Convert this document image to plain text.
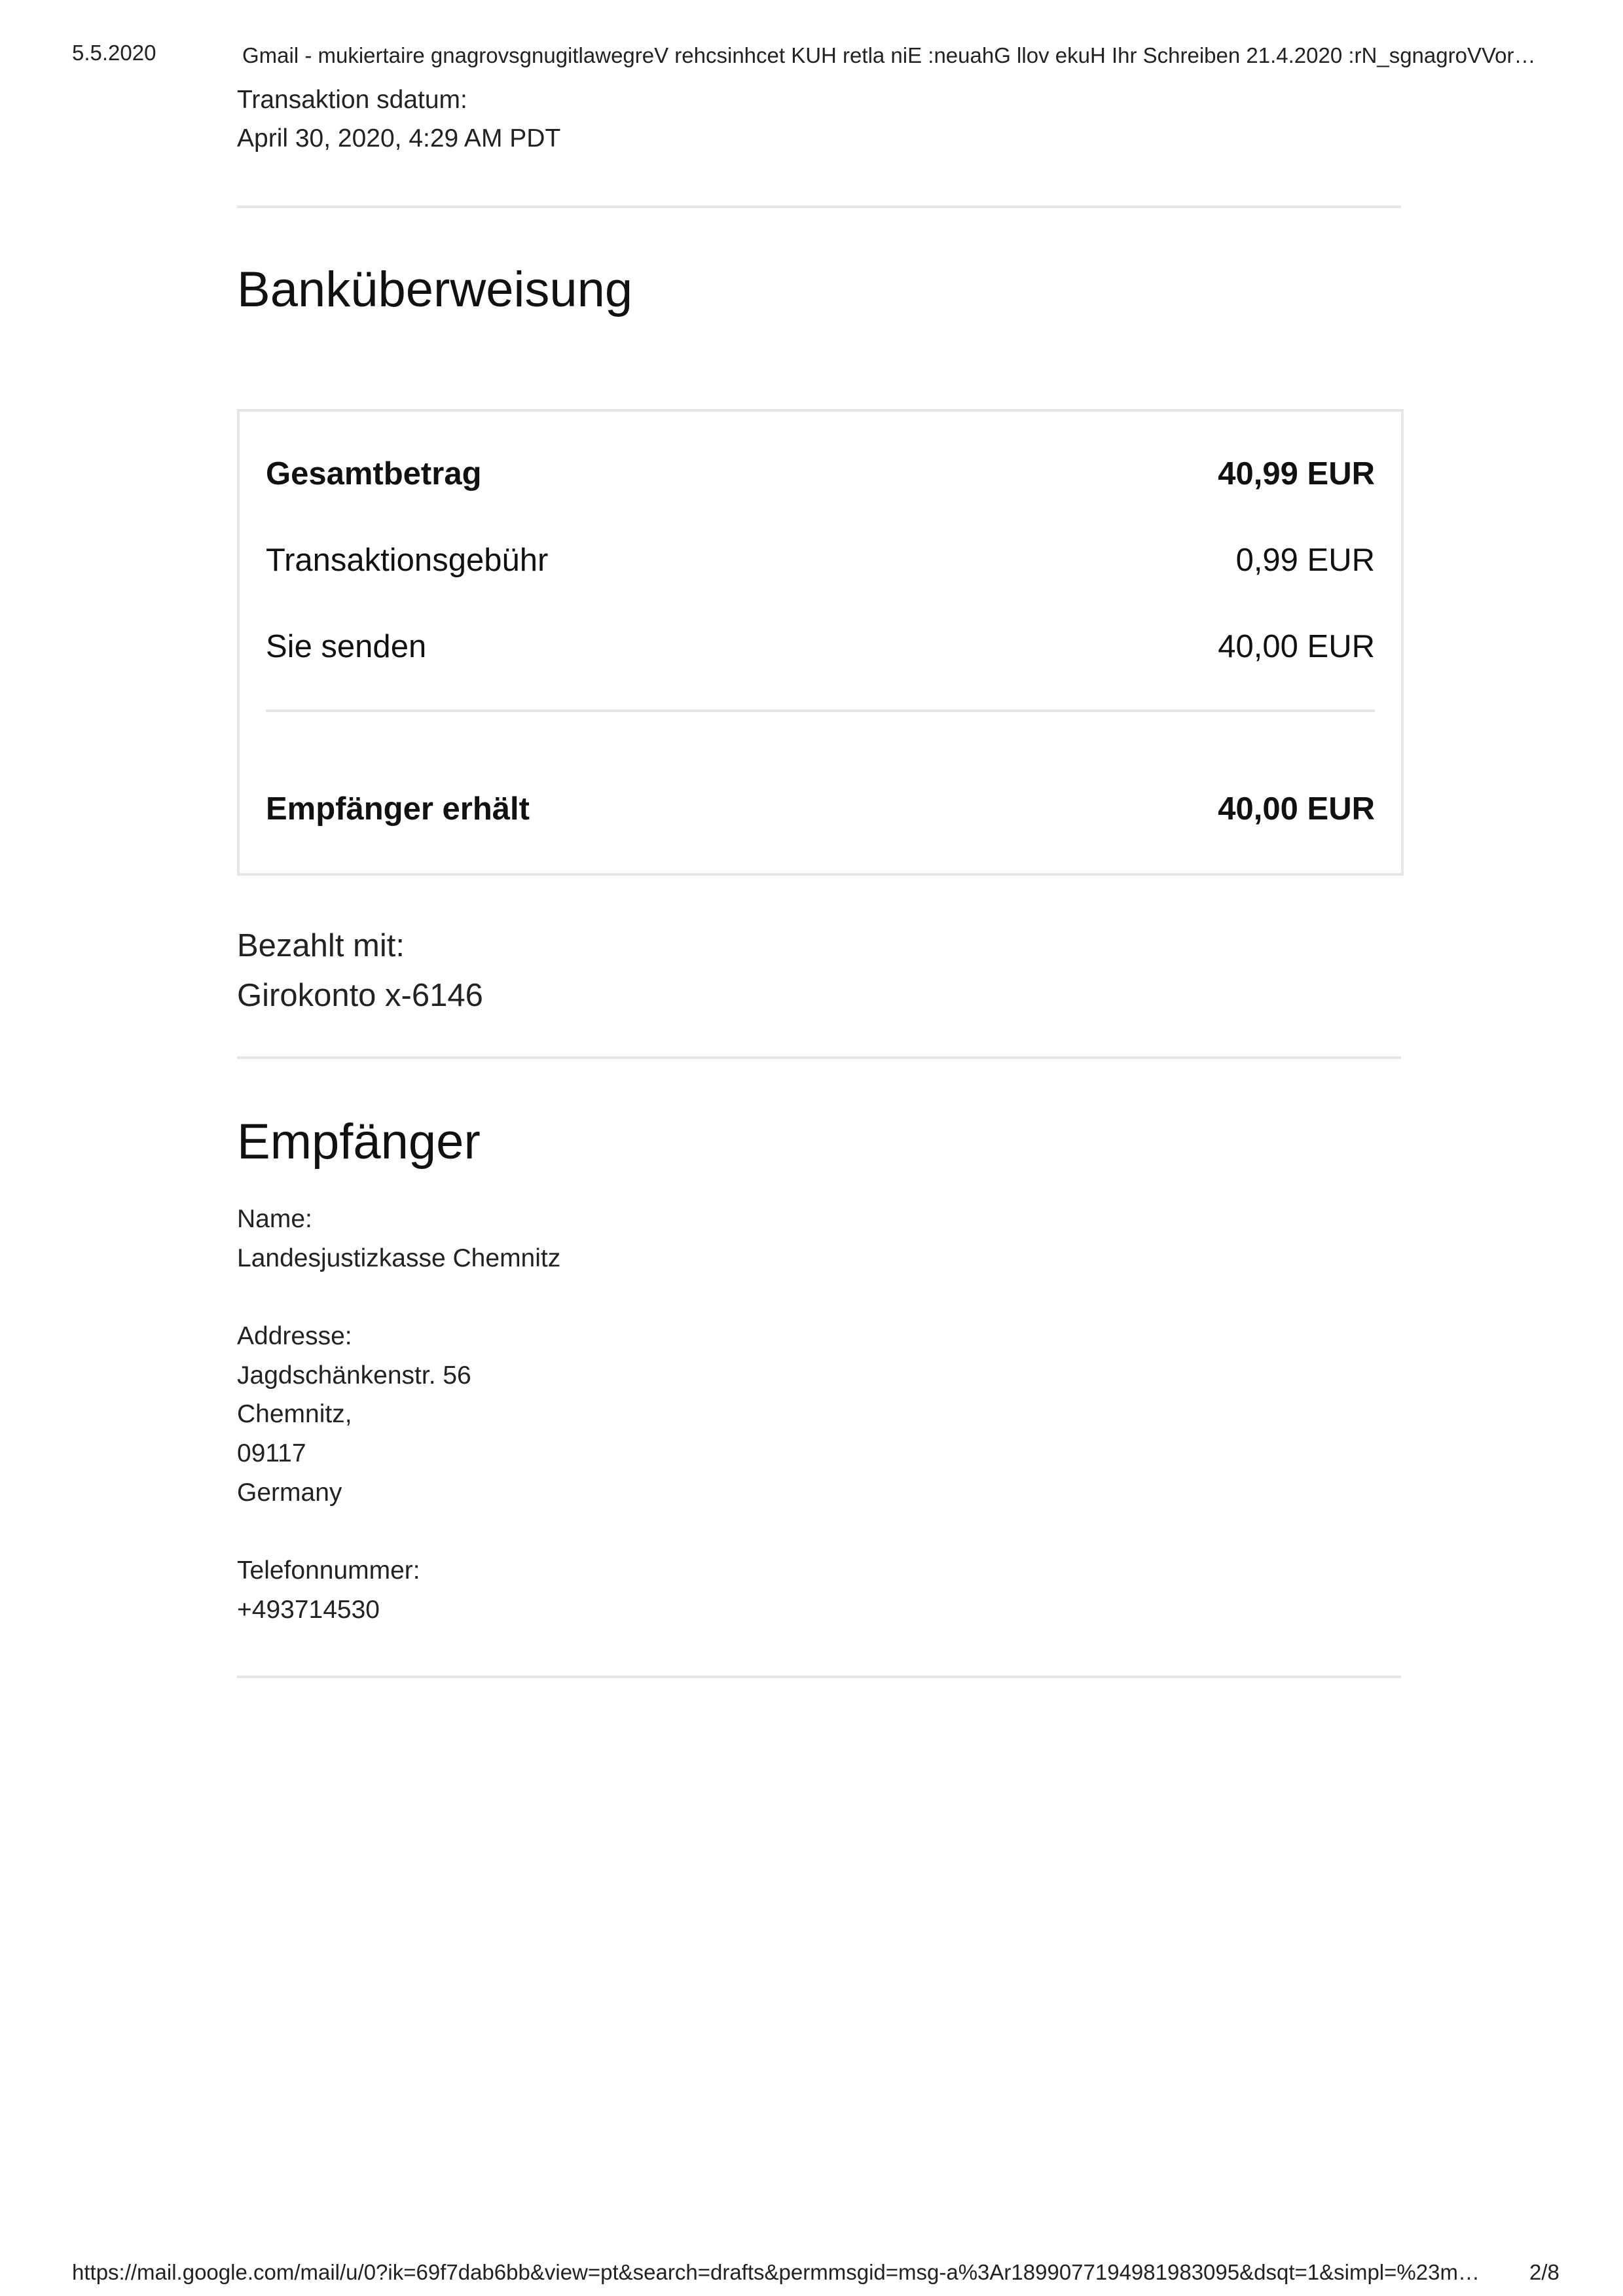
5.5.2020	Gmail - mukiertaire gnagrovsgnugitlawegreV rehcsinhcet KUH retla niE :neuahG llov ekuH Ihr Schreiben 21.4.2020 :rN_sgnagroVVor…
Transaktion sdatum:
April 30, 2020, 4:29 AM PDT
Banküberweisung
Gesamtbetrag	40,99 EUR
Transaktionsgebühr	0,99 EUR
Sie senden	40,00 EUR
Empfänger erhält	40,00 EUR
Bezahlt mit:
Girokonto x-6146
Empfänger
Name:
Landesjustizkasse Chemnitz
Addresse:
Jagdschänkenstr. 56
Chemnitz,
09117
Germany
Telefonnummer:
+493714530
https://mail.google.com/mail/u/0?ik=69f7dab6bb&view=pt&search=drafts&permmsgid=msg-a%3Ar1899077194981983095&dsqt=1&simpl=%23m…	2/8
